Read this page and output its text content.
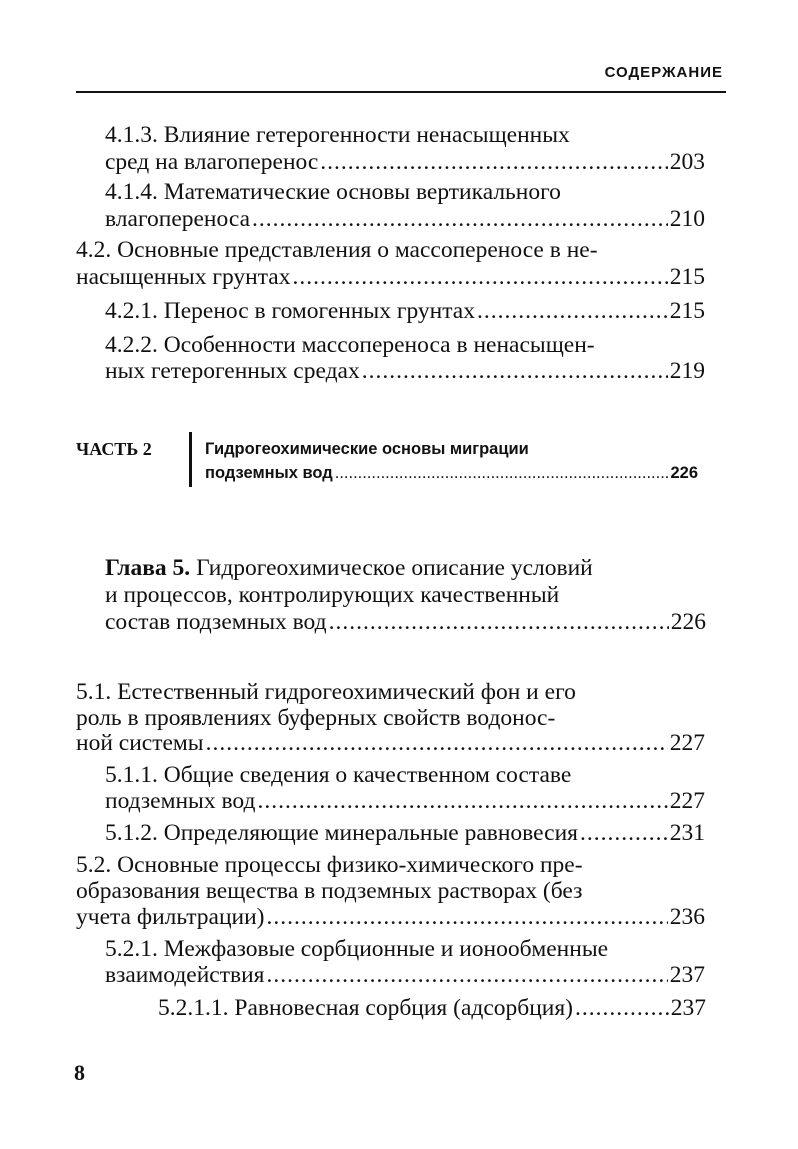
СОДЕРЖАНИЕ
4.1.3. Влияние гетерогенности ненасыщенных
сред на влагоперенос .....	203
4.1.4. Математические основы вертикального
влагопереноса .....	210
4.2. Основные представления о массопереносе в не-
насыщенных грунтах .....	215
4.2.1. Перенос в гомогенных грунтах .....	215
4.2.2. Особенности массопереноса в ненасыщен-
ных гетерогенных средах .....	219
ЧАСТЬ 2	Гидрогеохимические основы миграции
подземных вод .....	226
Глава 5. Гидрогеохимическое описание условий
и процессов, контролирующих качественный
состав подземных вод .....	226
5.1. Естественный гидрогеохимический фон и его
роль в проявлениях буферных свойств водонос-
ной системы .....	227
5.1.1. Общие сведения о качественном составе
подземных вод .....	227
5.1.2. Определяющие минеральные равновесия .....	231
5.2. Основные процессы физико-химического пре-
образования вещества в подземных растворах (без
учета фильтрации) .....	236
5.2.1. Межфазовые сорбционные и ионообменные
взаимодействия .....	237
5.2.1.1. Равновесная сорбция (адсорбция) .....	237
8
